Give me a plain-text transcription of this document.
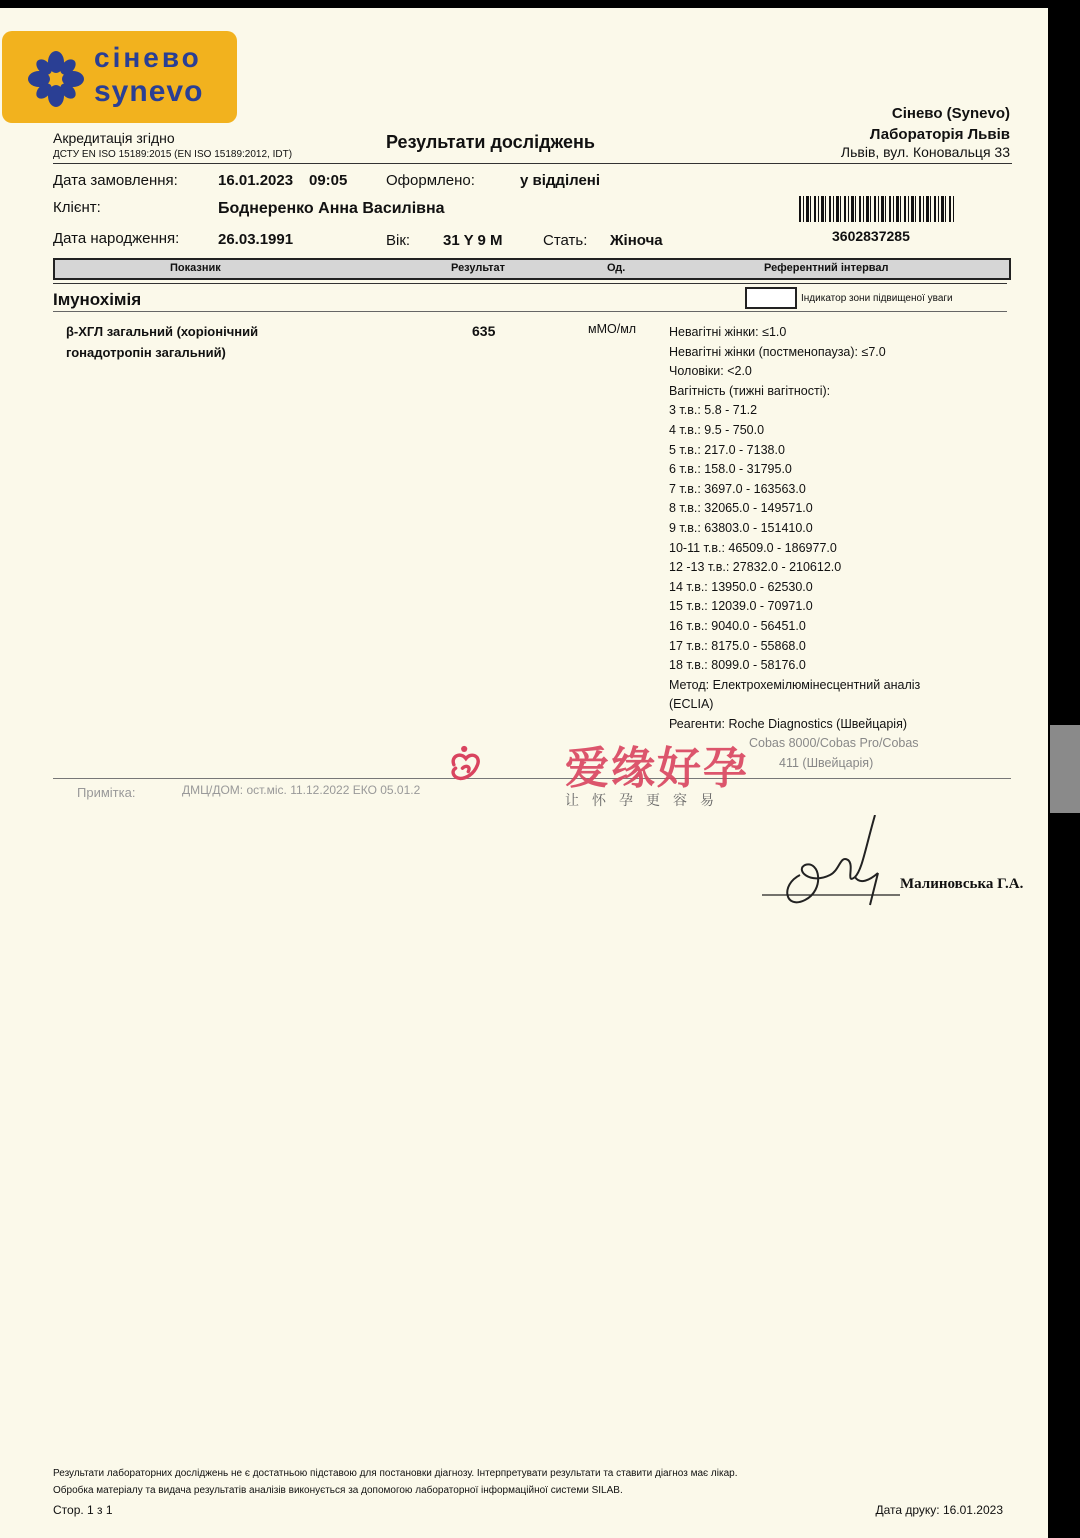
сінево
synevo
Акредитація згідно
ДСТУ EN ISO 15189:2015 (EN ISO 15189:2012, IDT)
Результати досліджень
Сінево (Synevo)
Лабораторія Львів
Львів, вул. Коновальця 33
Дата замовлення:	16.01.2023 09:05	Оформлено:	у відділені
Клієнт:	Боднеренко Анна Василівна
Дата народження:	26.03.1991	Вік: 31 Y 9 M	Стать: Жіноча	3602837285
Показник	Результат	Од.	Референтний інтервал
Імунохімія	Індикатор зони підвищеної уваги
β-ХГЛ загальний (хоріонічний
гонадотропін загальний)
635	мМО/мл	Невагітні жінки: ≤1.0
Невагітні жінки (постменопауза): ≤7.0
Чоловіки: <2.0
Вагітність (тижні вагітності):
3 т.в.: 5.8 - 71.2
4 т.в.: 9.5 - 750.0
5 т.в.: 217.0 - 7138.0
6 т.в.: 158.0 - 31795.0
7 т.в.: 3697.0 - 163563.0
8 т.в.: 32065.0 - 149571.0
9 т.в.: 63803.0 - 151410.0
10-11 т.в.: 46509.0 - 186977.0
12 -13 т.в.: 27832.0 - 210612.0
14 т.в.: 13950.0 - 62530.0
15 т.в.: 12039.0 - 70971.0
16 т.в.: 9040.0 - 56451.0
17 т.в.: 8175.0 - 55868.0
18 т.в.: 8099.0 - 58176.0
Метод: Електрохемілюмінесцентний аналіз
(ECLIA)
Реагенти: Roche Diagnostics (Швейцарія)
Cobas 8000/Cobas Pro/Cobas
411 (Швейцарія)
Примітка:	ДМЦ/ДОМ: ост.міс. 11.12.2022 ЕКО 05.01.2	爱缘好孕
让怀孕更容易
Малиновська Г.А.
Результати лабораторних досліджень не є достатньою підставою для постановки діагнозу. Інтерпретувати результати та ставити діагноз має лікар.
Обробка матеріалу та видача результатів аналізів виконується за допомогою лабораторної інформаційної системи SILAB.
Стор. 1 з 1	Дата друку: 16.01.2023
